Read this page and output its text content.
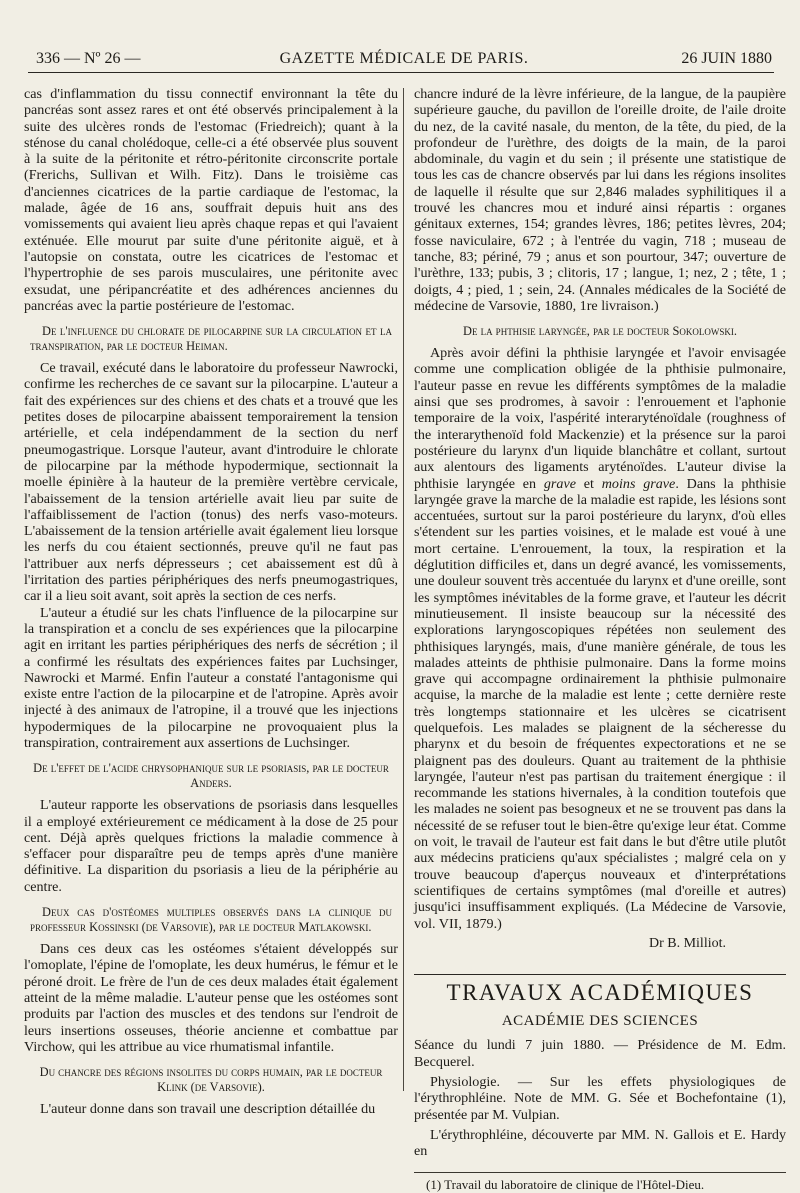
336 — Nº 26 —	GAZETTE MÉDICALE DE PARIS.	26 JUIN 1880

cas d'inflammation du tissu connectif environnant la tête du pancréas sont assez rares et ont été observés principalement à la suite des ulcères ronds de l'estomac (Friedreich); quant à la sténose du canal cholédoque, celle-ci a été observée plus souvent à la suite de la péritonite et rétro-péritonite circonscrite portale (Frerichs, Sullivan et Wilh. Fitz). Dans le troisième cas d'anciennes cicatrices de la partie cardiaque de l'estomac, la malade, âgée de 16 ans, souffrait depuis huit ans des vomissements qui avaient lieu après chaque repas et qui l'avaient exténuée. Elle mourut par suite d'une péritonite aiguë, et à l'autopsie on constata, outre les cicatrices de l'estomac et l'hypertrophie de ses parois musculaires, une péritonite avec exsudat, une péripancréatite et des adhérences anciennes du pancréas avec la partie postérieure de l'estomac.

De l'influence du chlorate de pilocarpine sur la circulation et la transpiration, par le docteur Heiman.

Ce travail, exécuté dans le laboratoire du professeur Nawrocki, confirme les recherches de ce savant sur la pilocarpine. L'auteur a fait des expériences sur des chiens et des chats et a trouvé que les petites doses de pilocarpine abaissent temporairement la tension artérielle, et cela indépendamment de la section du nerf pneumogastrique. Lorsque l'auteur, avant d'introduire le chlorate de pilocarpine par la méthode hypodermique, sectionnait la moelle épinière à la hauteur de la première vertèbre cervicale, l'abaissement de la tension artérielle avait lieu par suite de l'affaiblissement de l'action (tonus) des nerfs vaso-moteurs. L'abaissement de la tension artérielle avait également lieu lorsque les nerfs du cou étaient sectionnés, preuve qu'il ne faut pas l'attribuer aux nerfs dépresseurs ; cet abaissement est dû à l'irritation des parties périphériques des nerfs pneumogastriques, car il a lieu soit avant, soit après la section de ces nerfs.

L'auteur a étudié sur les chats l'influence de la pilocarpine sur la transpiration et a conclu de ses expériences que la pilocarpine agit en irritant les parties périphériques des nerfs de sécrétion ; il a confirmé les résultats des expériences faites par Luchsinger, Nawrocki et Marmé. Enfin l'auteur a constaté l'antagonisme qui existe entre l'action de la pilocarpine et de l'atropine. Après avoir injecté à des animaux de l'atropine, il a trouvé que les injections hypodermiques de la pilocarpine ne provoquaient plus la transpiration, contrairement aux assertions de Luchsinger.

De l'effet de l'acide chrysophanique sur le psoriasis, par le docteur Anders.

L'auteur rapporte les observations de psoriasis dans lesquelles il a employé extérieurement ce médicament à la dose de 25 pour cent. Déjà après quelques frictions la maladie commence à s'effacer pour disparaître peu de temps après d'une manière définitive. La disparition du psoriasis a lieu de la périphérie au centre.

Deux cas d'ostéomes multiples observés dans la clinique du professeur Kossinski (de Varsovie), par le docteur Matlakowski.

Dans ces deux cas les ostéomes s'étaient développés sur l'omoplate, l'épine de l'omoplate, les deux humérus, le fémur et le péroné droit. Le frère de l'un de ces deux malades était également atteint de la même maladie. L'auteur pense que les ostéomes sont produits par l'action des muscles et des tendons sur l'endroit de leurs insertions osseuses, théorie ancienne et combattue par Virchow, qui les attribue au vice rhumatismal infantile.

Du chancre des régions insolites du corps humain, par le docteur Klink (de Varsovie).

L'auteur donne dans son travail une description détaillée du

chancre induré de la lèvre inférieure, de la langue, de la paupière supérieure gauche, du pavillon de l'oreille droite, de l'aile droite du nez, de la cavité nasale, du menton, de la tête, du pied, de la profondeur de l'urèthre, des doigts de la main, de la paroi abdominale, du vagin et du sein ; il présente une statistique de tous les cas de chancre observés par lui dans les régions insolites de laquelle il résulte que sur 2,846 malades syphilitiques il a trouvé les chancres mou et induré ainsi répartis : organes génitaux externes, 154; grandes lèvres, 186; petites lèvres, 204; fosse naviculaire, 672 ; à l'entrée du vagin, 718 ; museau de tanche, 83; périné, 79 ; anus et son pourtour, 347; ouverture de l'urèthre, 133; pubis, 3 ; clitoris, 17 ; langue, 1; nez, 2 ; tête, 1 ; doigts, 4 ; pied, 1 ; sein, 24. (Annales médicales de la Société de médecine de Varsovie, 1880, 1re livraison.)

De la phthisie laryngée, par le docteur Sokolowski.

Après avoir défini la phthisie laryngée et l'avoir envisagée comme une complication obligée de la phthisie pulmonaire, l'auteur passe en revue les différents symptômes de la maladie ainsi que ses prodromes, à savoir : l'enrouement et l'aphonie temporaire de la voix, l'aspérité interaryténoïdale (roughness of the interarythenoïd fold Mackenzie) et la présence sur la paroi postérieure du larynx d'un liquide blanchâtre et collant, surtout aux alentours des ligaments aryténoïdes. L'auteur divise la phthisie laryngée en grave et moins grave. Dans la phthisie laryngée grave la marche de la maladie est rapide, les lésions sont accentuées, surtout sur la paroi postérieure du larynx, d'où elles s'étendent sur les parties voisines, et le malade est voué à une mort certaine. L'enrouement, la toux, la respiration et la déglutition difficiles et, dans un degré avancé, les vomissements, une douleur souvent très accentuée du larynx et d'une oreille, sont les symptômes inévitables de la forme grave, et l'auteur les décrit minutieusement. Il insiste beaucoup sur la nécessité des explorations laryngoscopiques répétées non seulement des phthisiques laryngés, mais, d'une manière générale, de tous les malades atteints de phthisie pulmonaire. Dans la forme moins grave qui accompagne ordinairement la phthisie pulmonaire acquise, la marche de la maladie est lente ; cette dernière reste très longtemps stationnaire et les ulcères se cicatrisent quelquefois. Les malades se plaignent de la sécheresse du pharynx et du besoin de fréquentes expectorations et ne se plaignent pas des douleurs. Quant au traitement de la phthisie laryngée, l'auteur n'est pas partisan du traitement énergique : il recommande les stations hivernales, à la condition toutefois que les malades ne soient pas besogneux et ne se trouvent pas dans la nécessité de se refuser tout le bien-être qu'exige leur état. Comme on voit, le travail de l'auteur est fait dans le but d'être utile plutôt aux médecins praticiens qu'aux spécialistes ; malgré cela on y trouve beaucoup d'aperçus nouveaux et d'interprétations scientifiques de certains symptômes (mal d'oreille et autres) jusqu'ici insuffisamment expliqués. (La Médecine de Varsovie, vol. VII, 1879.)

Dr B. Milliot.
TRAVAUX ACADÉMIQUES
ACADÉMIE DES SCIENCES

Séance du lundi 7 juin 1880. — Présidence de M. Edm. Becquerel.

Physiologie. — Sur les effets physiologiques de l'érythrophléine. Note de MM. G. Sée et Bochefontaine (1), présentée par M. Vulpian.

L'érythrophléine, découverte par MM. N. Gallois et E. Hardy en

(1) Travail du laboratoire de clinique de l'Hôtel-Dieu.
